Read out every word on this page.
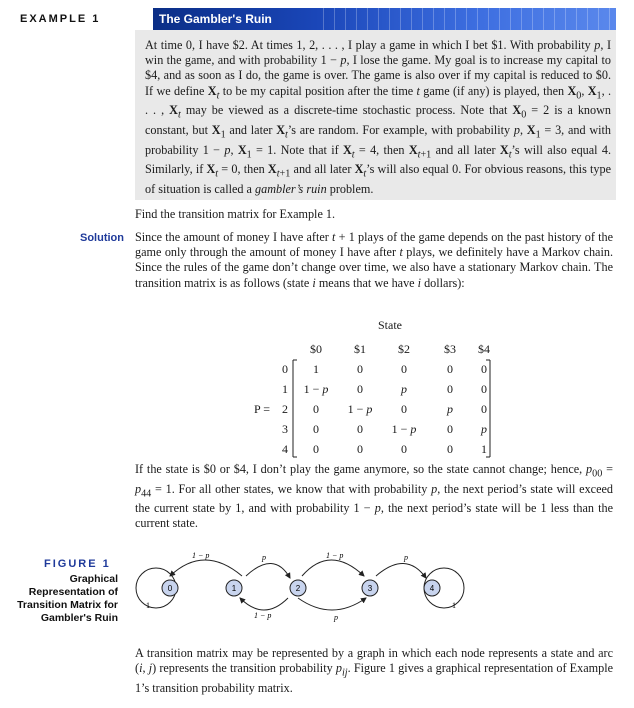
EXAMPLE 1	The Gambler's Ruin

At time 0, I have $2. At times 1, 2, . . . , I play a game in which I bet $1. With probability p, I win the game, and with probability 1 − p, I lose the game. My goal is to increase my capital to $4, and as soon as I do, the game is over. The game is also over if my capital is reduced to $0. If we define $X_t$ to be my capital position after the time t game (if any) is played, then $X_0$, $X_1$, . . . , $X_t$ may be viewed as a discrete-time stochastic process. Note that $X_0 = 2$ is a known constant, but $X_1$ and later $X_t’s$ are random. For example, with probability p, $X_1 = 3$, and with probability 1 − p, $X_1 = 1$. Note that if $X_t = 4$, then $X_{t+1}$ and all later $X_t’s$ will also equal 4. Similarly, if $X_t = 0$, then $X_{t+1}$ and all later $X_t’s$ will also equal 0. For obvious reasons, this type of situation is called a gambler’s ruin problem.

Find the transition matrix for Example 1.

Solution Since the amount of money I have after t + 1 plays of the game depends on the past history of the game only through the amount of money I have after t plays, we definitely have a Markov chain. Since the rules of the game don’t change over time, we also have a stationary Markov chain. The transition matrix is as follows (state i means that we have i dollars):

State
$0	$1	$2	$3	$4
P =
0
1
2
3
4
1	0	0	0	0
1 − p	0	p	0	0
0	1 − p	0	p	0
0	0	1 − p	0	p
0	0	0	0	1

If the state is $0 or $4, I don’t play the game anymore, so the state cannot change; hence, $p_{00} = p_{44} = 1$. For all other states, we know that with probability p, the next period’s state will exceed the current state by 1, and with probability 1 − p, the next period’s state will be 1 less than the current state.

FIGURE 1
Graphical Representation of Transition Matrix for Gambler's Ruin
0	1	2	3	4
1 − p	p	1 − p	p
1 − p	p
1	1

A transition matrix may be represented by a graph in which each node represents a state and arc (i, j) represents the transition probability $p_{ij}$. Figure 1 gives a graphical representation of Example 1’s transition probability matrix.
